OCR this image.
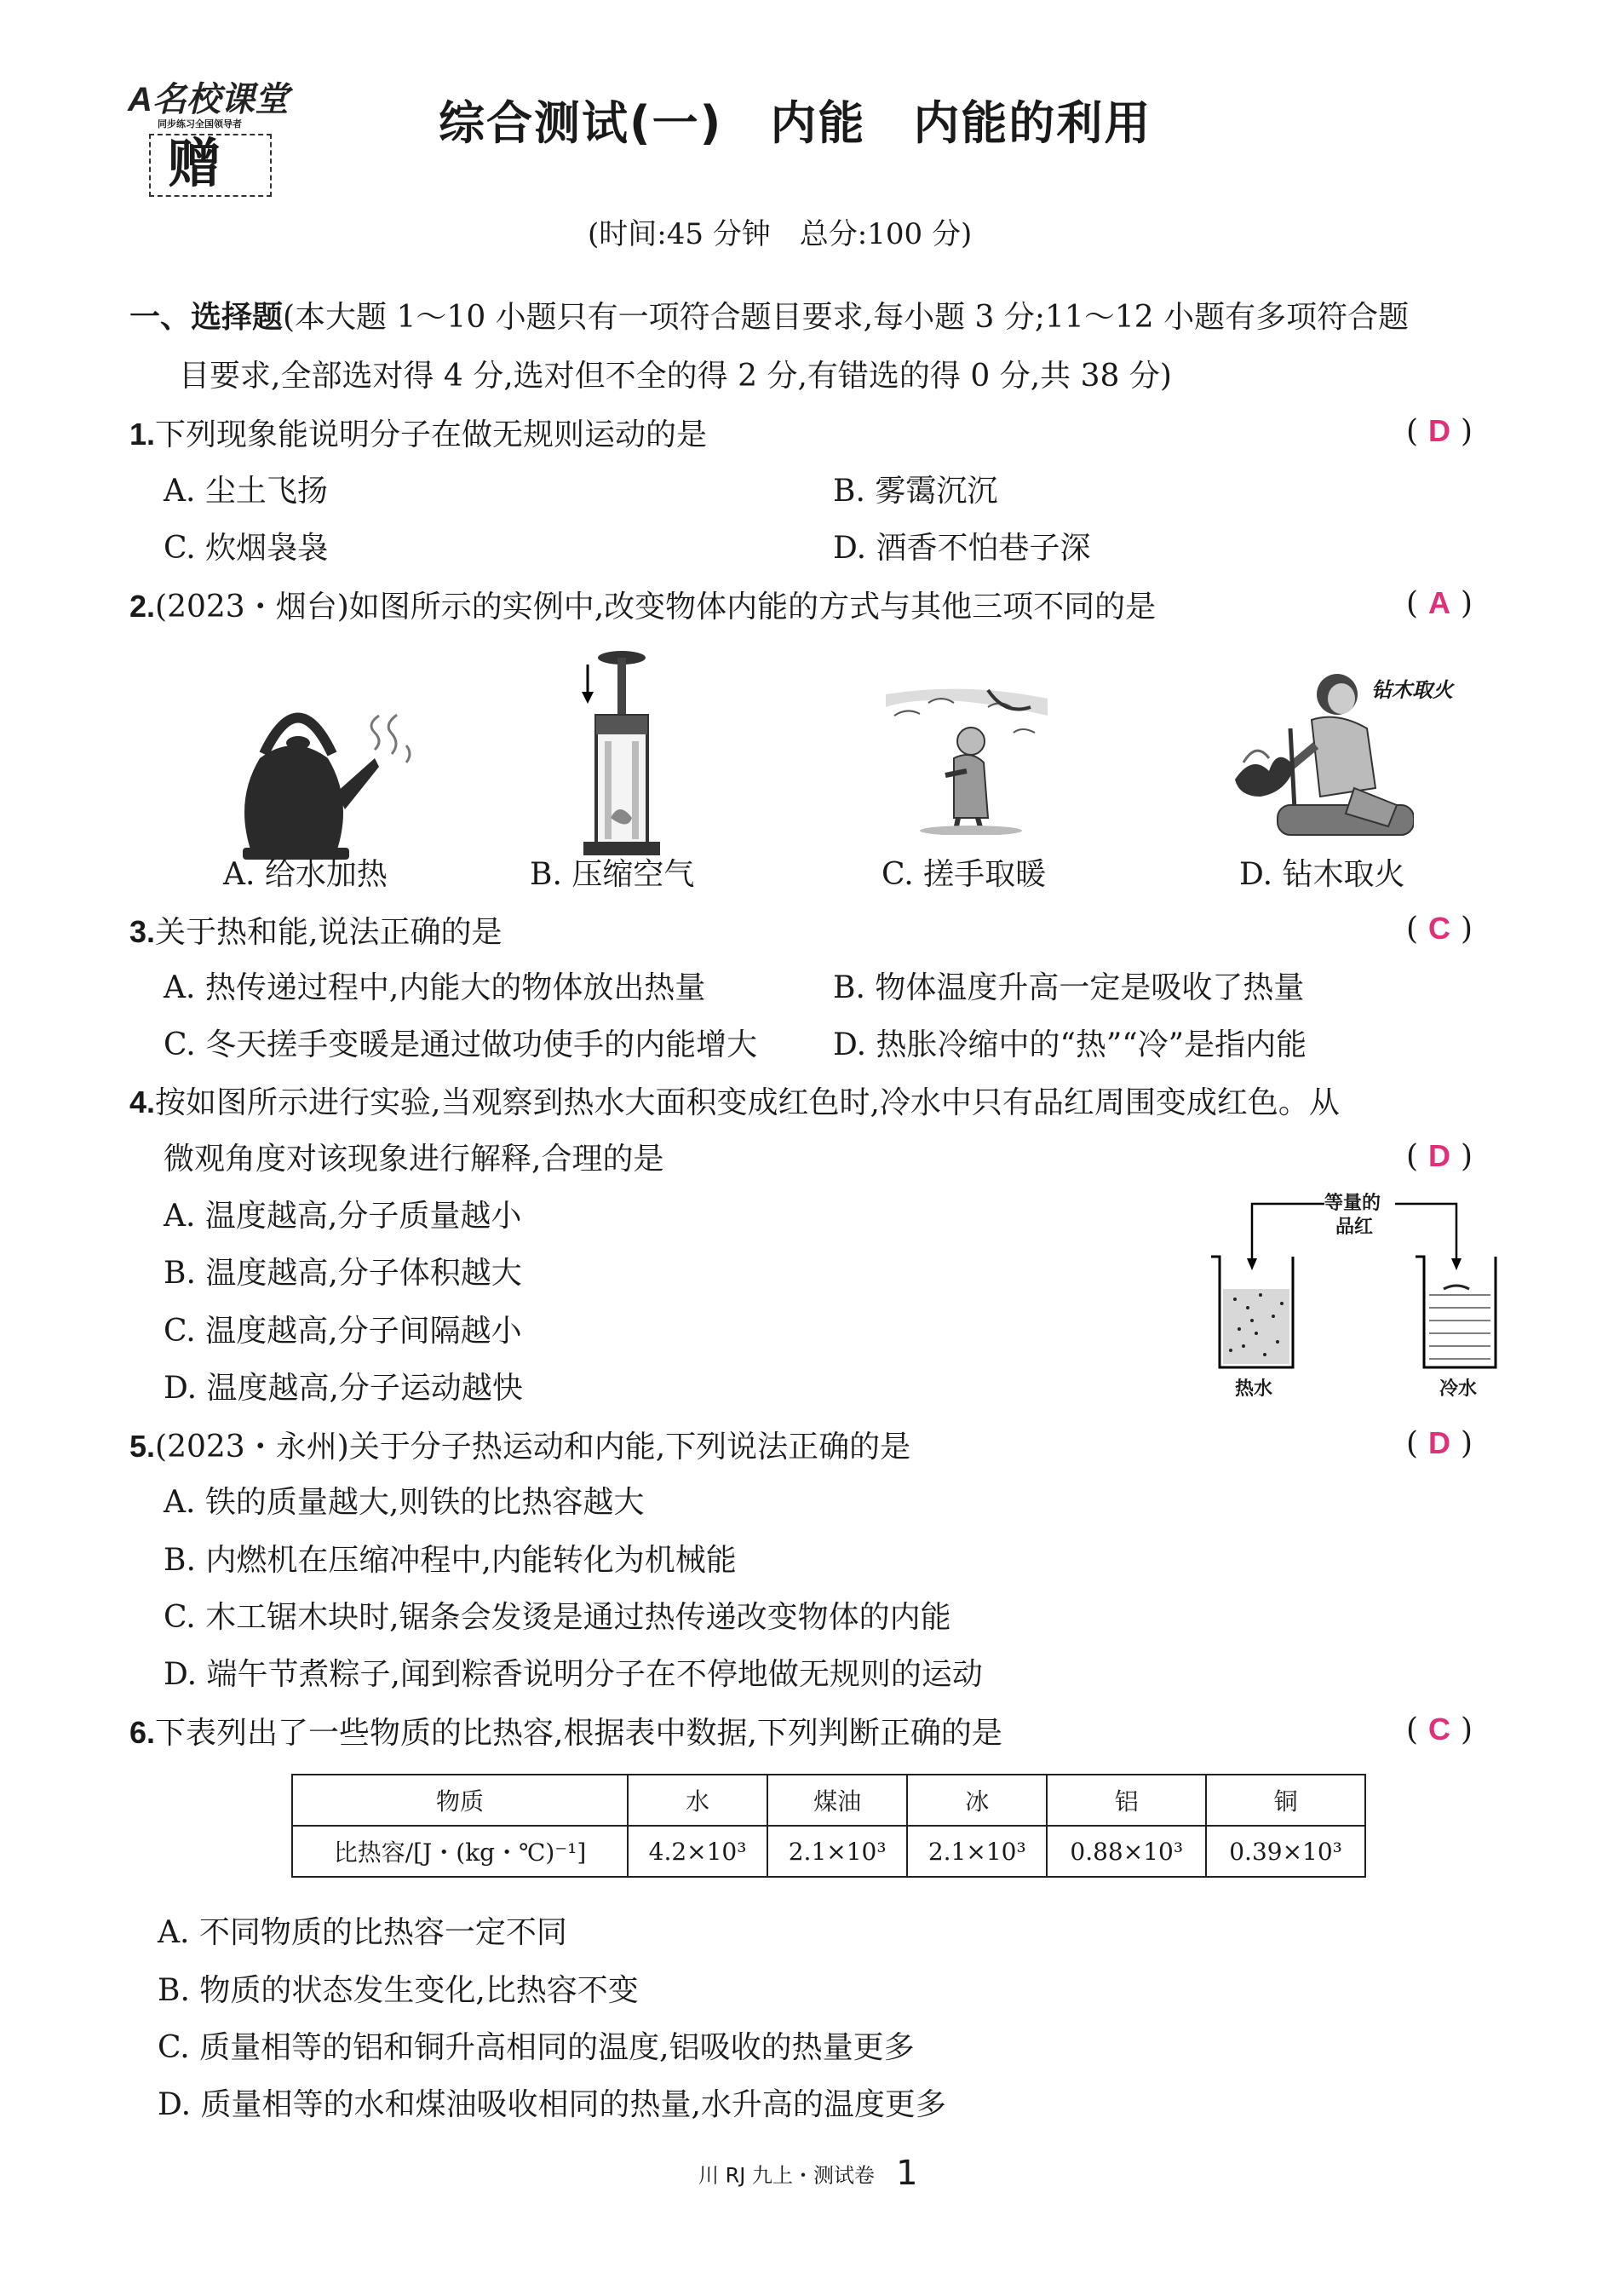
A名校课堂
同步练习全国领导者
赠
综合测试(一)　内能　内能的利用
(时间:45 分钟　总分:100 分)
一、选择题(本大题 1～10 小题只有一项符合题目要求,每小题 3 分;11～12 小题有多项符合题
目要求,全部选对得 4 分,选对但不全的得 2 分,有错选的得 0 分,共 38 分)
1.下列现象能说明分子在做无规则运动的是	( D )
A. 尘土飞扬	B. 雾霭沉沉
C. 炊烟袅袅	D. 酒香不怕巷子深
2.(2023・烟台)如图所示的实例中,改变物体内能的方式与其他三项不同的是	( A )
钻木取火
A. 给水加热	B. 压缩空气	C. 搓手取暖	D. 钻木取火
3.关于热和能,说法正确的是	( C )
A. 热传递过程中,内能大的物体放出热量	B. 物体温度升高一定是吸收了热量
C. 冬天搓手变暖是通过做功使手的内能增大 D. 热胀冷缩中的“热”“冷”是指内能
4.按如图所示进行实验,当观察到热水大面积变成红色时,冷水中只有品红周围变成红色。从
微观角度对该现象进行解释,合理的是	( D )
A. 温度越高,分子质量越小
B. 温度越高,分子体积越大
C. 温度越高,分子间隔越小
D. 温度越高,分子运动越快
等量的
品红
热水	冷水
5.(2023・永州)关于分子热运动和内能,下列说法正确的是	( D )
A. 铁的质量越大,则铁的比热容越大
B. 内燃机在压缩冲程中,内能转化为机械能
C. 木工锯木块时,锯条会发烫是通过热传递改变物体的内能
D. 端午节煮粽子,闻到粽香说明分子在不停地做无规则的运动
6.下表列出了一些物质的比热容,根据表中数据,下列判断正确的是	( C )
物质	水	煤油	冰	铝	铜
比热容/[J・(kg・℃)⁻¹]	4.2×10³	2.1×10³	2.1×10³	0.88×10³	0.39×10³
A. 不同物质的比热容一定不同
B. 物质的状态发生变化,比热容不变
C. 质量相等的铝和铜升高相同的温度,铝吸收的热量更多
D. 质量相等的水和煤油吸收相同的热量,水升高的温度更多
川 RJ 九上・测试卷 1
